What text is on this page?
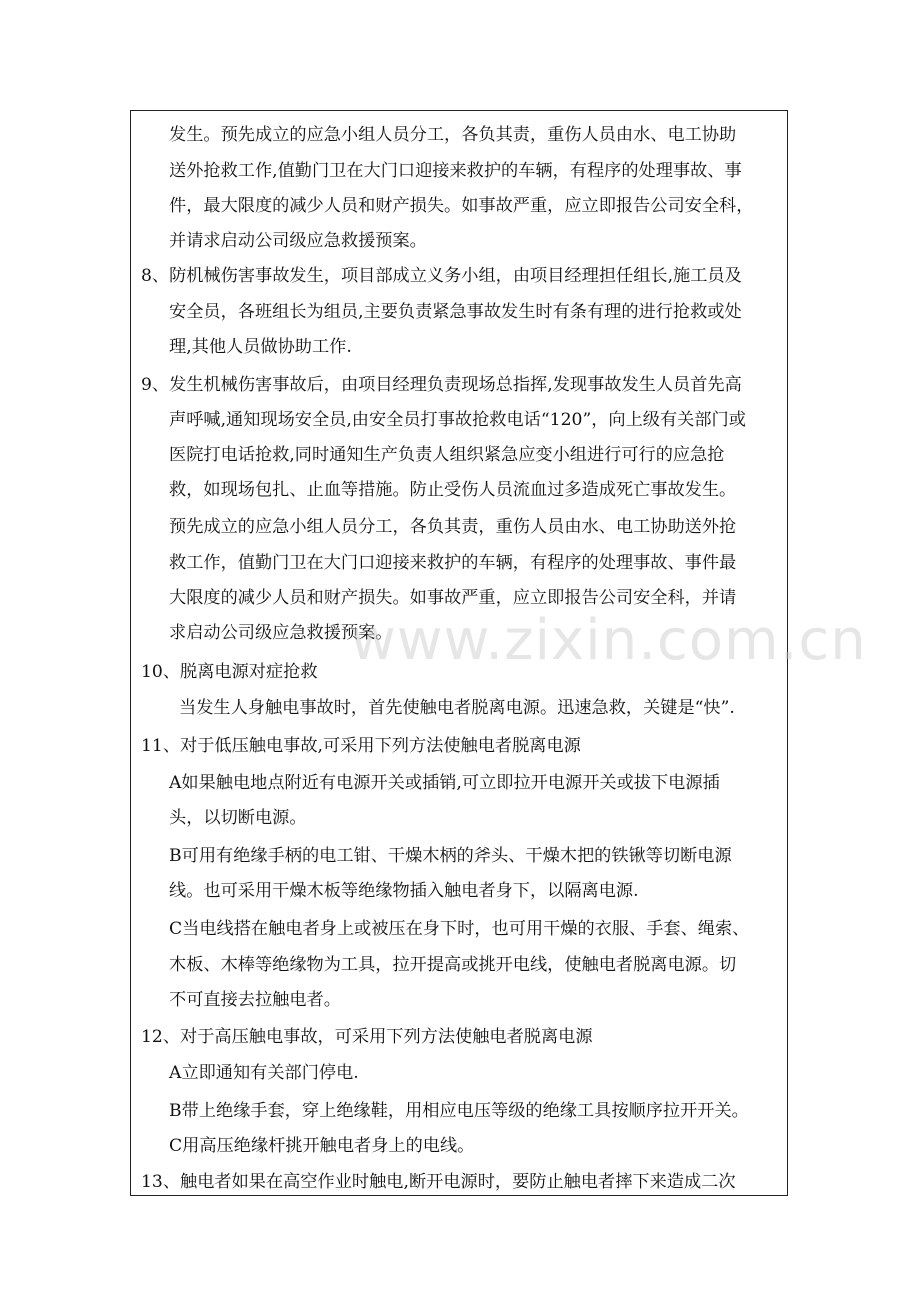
发生。预先成立的应急小组人员分工，各负其责，重伤人员由水、电工协助
送外抢救工作,值勤门卫在大门口迎接来救护的车辆，有程序的处理事故、事
件，最大限度的减少人员和财产损失。如事故严重，应立即报告公司安全科，
并请求启动公司级应急救援预案。
8、防机械伤害事故发生，项目部成立义务小组，由项目经理担任组长,施工员及
安全员，各班组长为组员,主要负责紧急事故发生时有条有理的进行抢救或处
理,其他人员做协助工作.
9、发生机械伤害事故后，由项目经理负责现场总指挥,发现事故发生人员首先高
声呼喊,通知现场安全员,由安全员打事故抢救电话“120”，向上级有关部门或
医院打电话抢救,同时通知生产负责人组织紧急应变小组进行可行的应急抢
救，如现场包扎、止血等措施。防止受伤人员流血过多造成死亡事故发生。
预先成立的应急小组人员分工，各负其责，重伤人员由水、电工协助送外抢
救工作，值勤门卫在大门口迎接来救护的车辆，有程序的处理事故、事件最
大限度的减少人员和财产损失。如事故严重，应立即报告公司安全科，并请
求启动公司级应急救援预案。
10、脱离电源对症抢救
当发生人身触电事故时，首先使触电者脱离电源。迅速急救，关键是“快”.
11、对于低压触电事故,可采用下列方法使触电者脱离电源
A如果触电地点附近有电源开关或插销,可立即拉开电源开关或拔下电源插
头，以切断电源。
B可用有绝缘手柄的电工钳、干燥木柄的斧头、干燥木把的铁锹等切断电源
线。也可采用干燥木板等绝缘物插入触电者身下，以隔离电源.
C当电线搭在触电者身上或被压在身下时，也可用干燥的衣服、手套、绳索、
木板、木棒等绝缘物为工具，拉开提高或挑开电线，使触电者脱离电源。切
不可直接去拉触电者。
12、对于高压触电事故，可采用下列方法使触电者脱离电源
A立即通知有关部门停电.
B带上绝缘手套，穿上绝缘鞋，用相应电压等级的绝缘工具按顺序拉开开关。
C用高压绝缘杆挑开触电者身上的电线。
13、触电者如果在高空作业时触电,断开电源时，要防止触电者摔下来造成二次
www.zixin.com.cn
